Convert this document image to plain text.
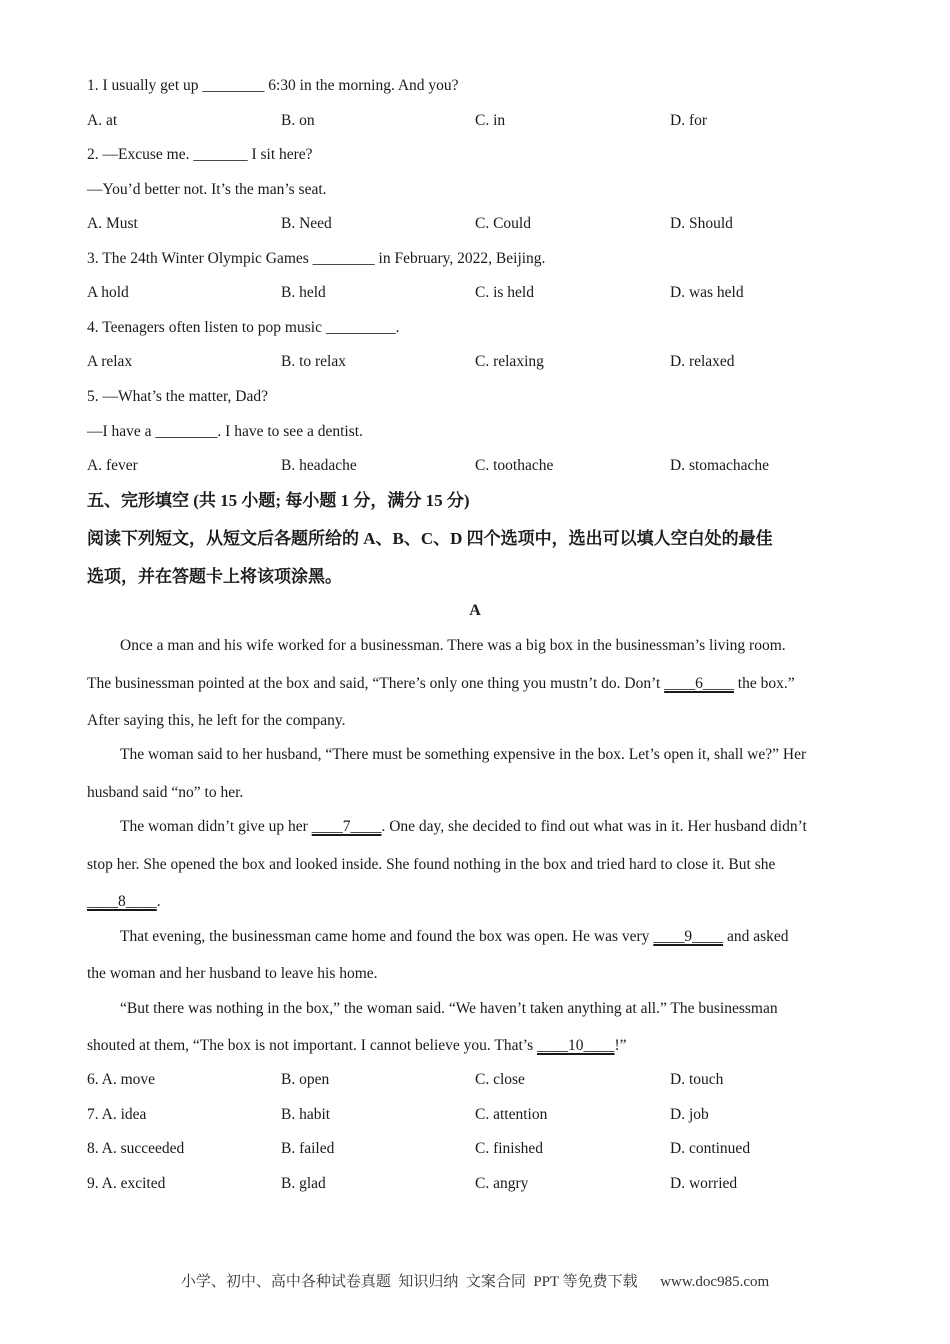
1. I usually get up ________ 6:30 in the morning. And you?
A. at	B. on	C. in	D. for
2. —Excuse me. _______ I sit here?
—You’d better not. It’s the man’s seat.
A. Must	B. Need	C. Could	D. Should
3. The 24th Winter Olympic Games ________ in February, 2022, Beijing.
A hold	B. held	C. is held	D. was held
4. Teenagers often listen to pop music _________.
A relax	B. to relax	C. relaxing	D. relaxed
5. —What’s the matter, Dad?
—I have a ________. I have to see a dentist.
A. fever	B. headache	C. toothache	D. stomachache
五、完形填空 (共 15 小题; 每小题 1 分，满分 15 分)
阅读下列短文，从短文后各题所给的 A、B、C、D 四个选项中，选出可以填人空白处的最佳
选项，并在答题卡上将该项涂黑。
A
Once a man and his wife worked for a businessman. There was a big box in the businessman’s living room.
The businessman pointed at the box and said, “There’s only one thing you mustn’t do. Don’t ____6____ the box.”
After saying this, he left for the company.
The woman said to her husband, “There must be something expensive in the box. Let’s open it, shall we?” Her
husband said “no” to her.
The woman didn’t give up her ____7____. One day, she decided to find out what was in it. Her husband didn’t
stop her. She opened the box and looked inside. She found nothing in the box and tried hard to close it. But she
____8____.
That evening, the businessman came home and found the box was open. He was very ____9____ and asked
the woman and her husband to leave his home.
“But there was nothing in the box,” the woman said. “We haven’t taken anything at all.” The businessman
shouted at them, “The box is not important. I cannot believe you. That’s ____10____!”
6. A. move	B. open	C. close	D. touch
7. A. idea	B. habit	C. attention	D. job
8. A. succeeded	B. failed	C. finished	D. continued
9. A. excited	B. glad	C. angry	D. worried
小学、初中、高中各种试卷真题  知识归纳  文案合同  PPT 等免费下载      www.doc985.com
